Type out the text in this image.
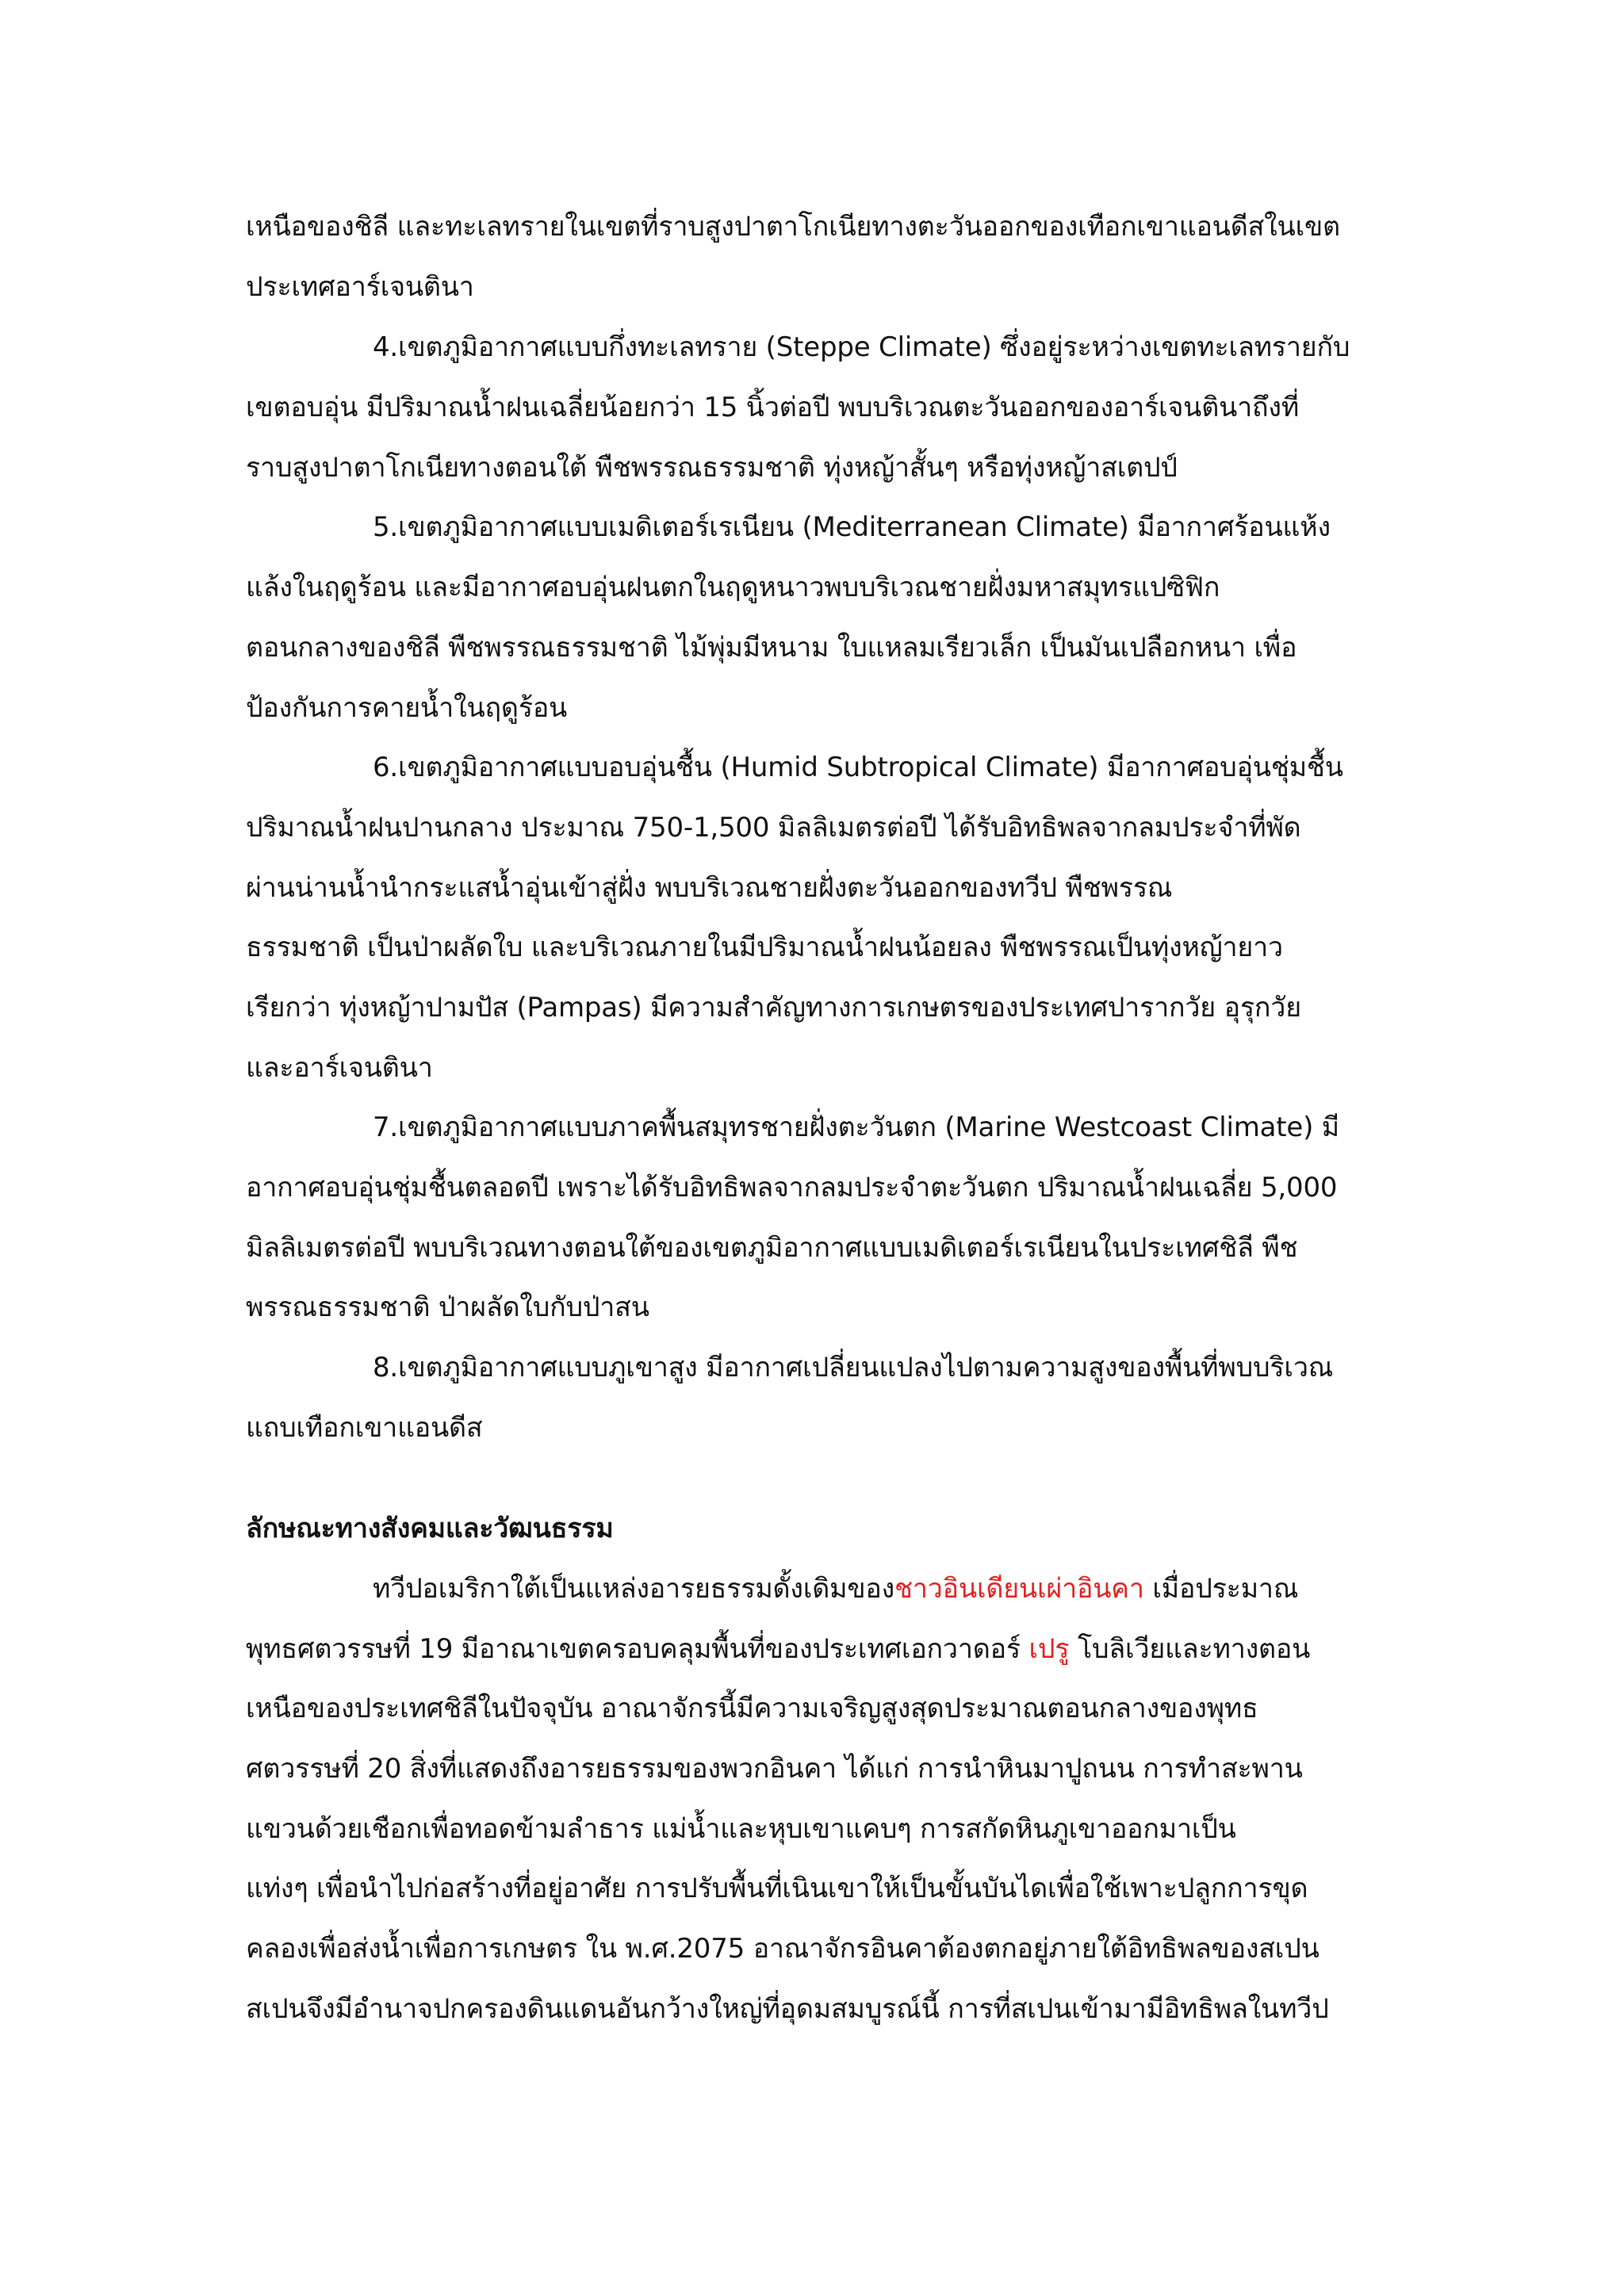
เหนือของชิลี และทะเลทรายในเขตที่ราบสูงปาตาโกเนียทางตะวันออกของเทือกเขาแอนดีสในเขต
ประเทศอาร์เจนตินา
4.เขตภูมิอากาศแบบกึ่งทะเลทราย (Steppe Climate) ซึ่งอยู่ระหว่างเขตทะเลทรายกับ
เขตอบอุ่น มีปริมาณน้ำฝนเฉลี่ยน้อยกว่า 15 นิ้วต่อปี พบบริเวณตะวันออกของอาร์เจนตินาถึงที่
ราบสูงปาตาโกเนียทางตอนใต้ พืชพรรณธรรมชาติ ทุ่งหญ้าสั้นๆ หรือทุ่งหญ้าสเตปป์
5.เขตภูมิอากาศแบบเมดิเตอร์เรเนียน (Mediterranean Climate) มีอากาศร้อนแห้ง
แล้งในฤดูร้อน และมีอากาศอบอุ่นฝนตกในฤดูหนาวพบบริเวณชายฝั่งมหาสมุทรแปซิฟิก
ตอนกลางของชิลี พืชพรรณธรรมชาติ ไม้พุ่มมีหนาม ใบแหลมเรียวเล็ก เป็นมันเปลือกหนา เพื่อ
ป้องกันการคายน้ำในฤดูร้อน
6.เขตภูมิอากาศแบบอบอุ่นชื้น (Humid Subtropical Climate) มีอากาศอบอุ่นชุ่มชื้น
ปริมาณน้ำฝนปานกลาง ประมาณ 750-1,500 มิลลิเมตรต่อปี ได้รับอิทธิพลจากลมประจำที่พัด
ผ่านน่านน้ำนำกระแสน้ำอุ่นเข้าสู่ฝั่ง พบบริเวณชายฝั่งตะวันออกของทวีป พืชพรรณ
ธรรมชาติ เป็นป่าผลัดใบ และบริเวณภายในมีปริมาณน้ำฝนน้อยลง พืชพรรณเป็นทุ่งหญ้ายาว
เรียกว่า ทุ่งหญ้าปามปัส (Pampas) มีความสำคัญทางการเกษตรของประเทศปารากวัย อุรุกวัย
และอาร์เจนตินา
7.เขตภูมิอากาศแบบภาคพื้นสมุทรชายฝั่งตะวันตก (Marine Westcoast Climate) มี
อากาศอบอุ่นชุ่มชื้นตลอดปี เพราะได้รับอิทธิพลจากลมประจำตะวันตก ปริมาณน้ำฝนเฉลี่ย 5,000
มิลลิเมตรต่อปี พบบริเวณทางตอนใต้ของเขตภูมิอากาศแบบเมดิเตอร์เรเนียนในประเทศชิลี พืช
พรรณธรรมชาติ ป่าผลัดใบกับป่าสน
8.เขตภูมิอากาศแบบภูเขาสูง มีอากาศเปลี่ยนแปลงไปตามความสูงของพื้นที่พบบริเวณ
แถบเทือกเขาแอนดีส
ลักษณะทางสังคมและวัฒนธรรม
ทวีปอเมริกาใต้เป็นแหล่งอารยธรรมดั้งเดิมของชาวอินเดียนเผ่าอินคา เมื่อประมาณ
พุทธศตวรรษที่ 19 มีอาณาเขตครอบคลุมพื้นที่ของประเทศเอกวาดอร์ เปรู โบลิเวียและทางตอน
เหนือของประเทศชิลีในปัจจุบัน อาณาจักรนี้มีความเจริญสูงสุดประมาณตอนกลางของพุทธ
ศตวรรษที่ 20 สิ่งที่แสดงถึงอารยธรรมของพวกอินคา ได้แก่ การนำหินมาปูถนน การทำสะพาน
แขวนด้วยเชือกเพื่อทอดข้ามลำธาร แม่น้ำและหุบเขาแคบๆ การสกัดหินภูเขาออกมาเป็น
แท่งๆ เพื่อนำไปก่อสร้างที่อยู่อาศัย การปรับพื้นที่เนินเขาให้เป็นขั้นบันไดเพื่อใช้เพาะปลูกการขุด
คลองเพื่อส่งน้ำเพื่อการเกษตร ใน พ.ศ.2075 อาณาจักรอินคาต้องตกอยู่ภายใต้อิทธิพลของสเปน
สเปนจึงมีอำนาจปกครองดินแดนอันกว้างใหญ่ที่อุดมสมบูรณ์นี้ การที่สเปนเข้ามามีอิทธิพลในทวีป
